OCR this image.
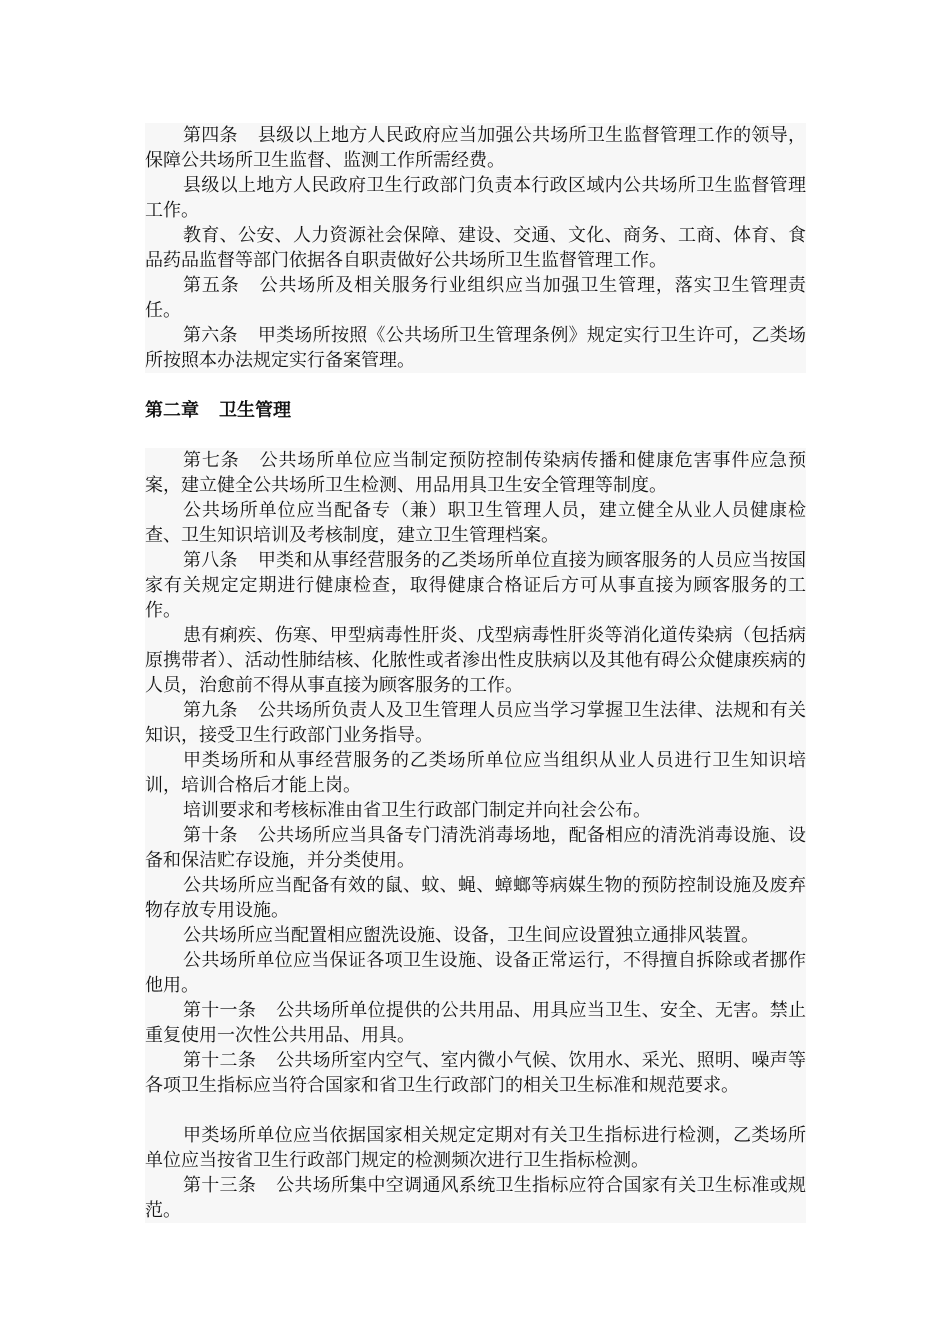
第四条 县级以上地方人民政府应当加强公共场所卫生监督管理工作的领导，保障公共场所卫生监督、监测工作所需经费。

县级以上地方人民政府卫生行政部门负责本行政区域内公共场所卫生监督管理工作。

教育、公安、人力资源社会保障、建设、交通、文化、商务、工商、体育、食品药品监督等部门依据各自职责做好公共场所卫生监督管理工作。

第五条 公共场所及相关服务行业组织应当加强卫生管理，落实卫生管理责任。

第六条 甲类场所按照《公共场所卫生管理条例》规定实行卫生许可，乙类场所按照本办法规定实行备案管理。

第二章 卫生管理

第七条 公共场所单位应当制定预防控制传染病传播和健康危害事件应急预案，建立健全公共场所卫生检测、用品用具卫生安全管理等制度。

公共场所单位应当配备专（兼）职卫生管理人员，建立健全从业人员健康检查、卫生知识培训及考核制度，建立卫生管理档案。

第八条 甲类和从事经营服务的乙类场所单位直接为顾客服务的人员应当按国家有关规定定期进行健康检查，取得健康合格证后方可从事直接为顾客服务的工作。

患有痢疾、伤寒、甲型病毒性肝炎、戊型病毒性肝炎等消化道传染病（包括病原携带者）、活动性肺结核、化脓性或者渗出性皮肤病以及其他有碍公众健康疾病的人员，治愈前不得从事直接为顾客服务的工作。

第九条 公共场所负责人及卫生管理人员应当学习掌握卫生法律、法规和有关知识，接受卫生行政部门业务指导。

甲类场所和从事经营服务的乙类场所单位应当组织从业人员进行卫生知识培训，培训合格后才能上岗。

培训要求和考核标准由省卫生行政部门制定并向社会公布。

第十条 公共场所应当具备专门清洗消毒场地，配备相应的清洗消毒设施、设备和保洁贮存设施，并分类使用。

公共场所应当配备有效的鼠、蚊、蝇、蟑螂等病媒生物的预防控制设施及废弃物存放专用设施。

公共场所应当配置相应盥洗设施、设备，卫生间应设置独立通排风装置。

公共场所单位应当保证各项卫生设施、设备正常运行，不得擅自拆除或者挪作他用。

第十一条 公共场所单位提供的公共用品、用具应当卫生、安全、无害。禁止重复使用一次性公共用品、用具。

第十二条 公共场所室内空气、室内微小气候、饮用水、采光、照明、噪声等各项卫生指标应当符合国家和省卫生行政部门的相关卫生标准和规范要求。

甲类场所单位应当依据国家相关规定定期对有关卫生指标进行检测，乙类场所单位应当按省卫生行政部门规定的检测频次进行卫生指标检测。

第十三条 公共场所集中空调通风系统卫生指标应符合国家有关卫生标准或规范。
